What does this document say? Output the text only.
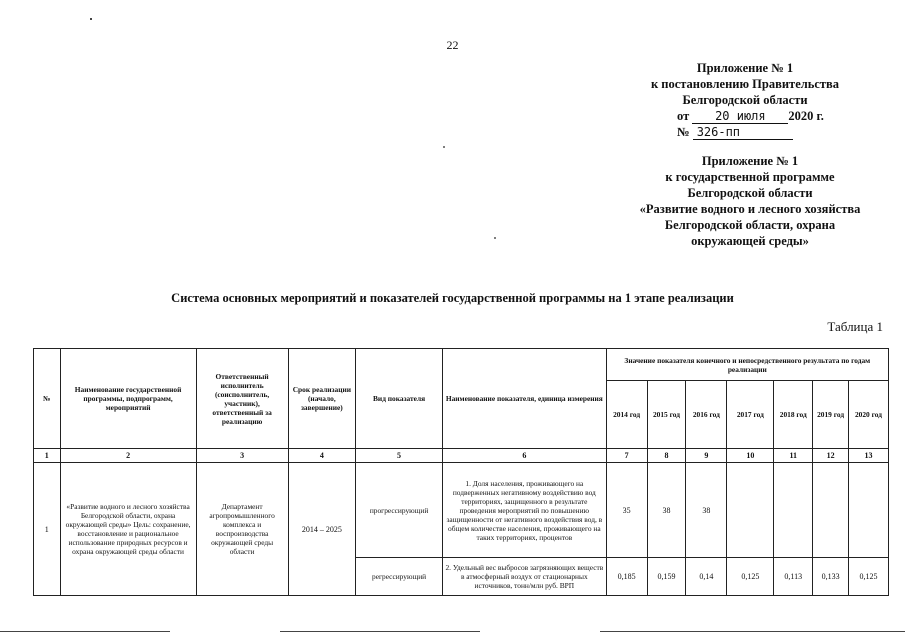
22
Приложение № 1
к постановлению Правительства
Белгородской области
от 20 июля 2020 г.
№ 326-пп
Приложение № 1
к государственной программе
Белгородской области
«Развитие водного и лесного хозяйства
Белгородской области, охрана
окружающей среды»
Система основных мероприятий и показателей государственной программы на 1 этапе реализации
Таблица 1
№	Наименование государственной программы, подпрограмм, мероприятий	Ответственный исполнитель (соисполнитель, участник), ответственный за реализацию	Срок реализации (начало, завершение)	Вид показателя	Наименование показателя, единица измерения	Значение показателя конечного и непосредственного результата по годам реализации						
						2014 год	2015 год	2016 год	2017 год	2018 год	2019 год	2020 год
1	2	3	4	5	6	7	8	9	10	11	12	13
1	«Развитие водного и лесного хозяйства Белгородской области, охрана окружающей среды» Цель: сохранение, восстановление и рациональное использование природных ресурсов и охрана окружающей среды области	Департамент агропромышленного комплекса и воспроизводства окружающей среды области	2014 – 2025	прогрессирующий	1. Доля населения, проживающего на подверженных негативному воздействию вод территориях, защищенного в результате проведения мероприятий по повышению защищенности от негативного воздействия вод, в общем количестве населения, проживающего на таких территориях, процентов	35	38	38				
				регрессирующий	2. Удельный вес выбросов загрязняющих веществ в атмосферный воздух от стационарных источников, тонн/млн руб. ВРП	0,185	0,159	0,14	0,125	0,113	0,133	0,125
